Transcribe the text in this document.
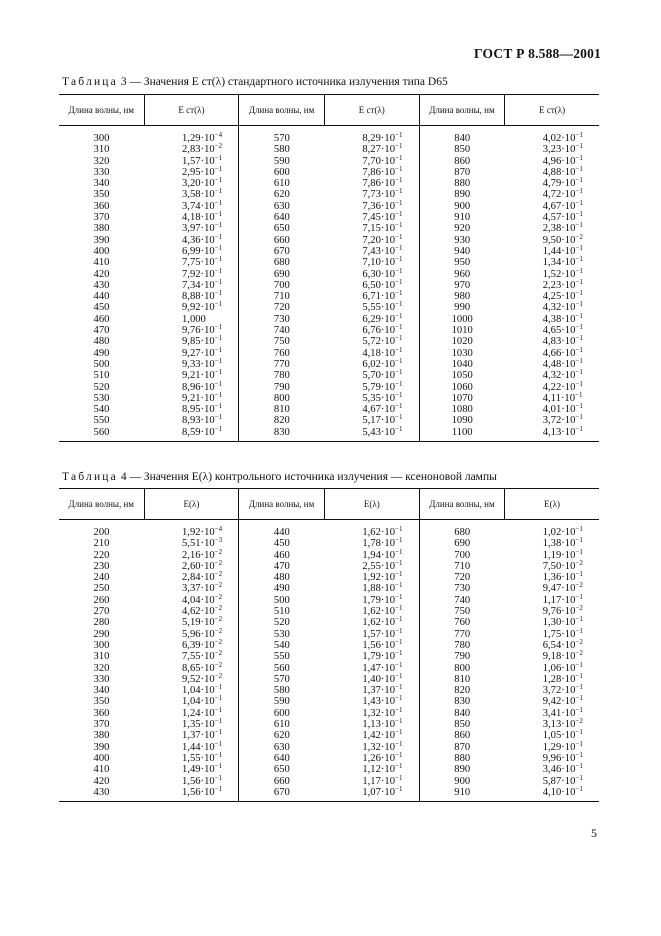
ГОСТ Р 8.588—2001
Таблица 3 — Значения E ст(λ) стандартного источника излучения типа D65
Длина волны, нм	E ст(λ)	Длина волны, нм	E ст(λ)	Длина волны, нм	E ст(λ)
300	$1,29\cdot 10^{-4}$	570	$8,29\cdot 10^{-1}$	840	$4,02\cdot 10^{-1}$
310	$2,83\cdot 10^{-2}$	580	$8,27\cdot 10^{-1}$	850	$3,23\cdot 10^{-1}$
320	$1,57\cdot 10^{-1}$	590	$7,70\cdot 10^{-1}$	860	$4,96\cdot 10^{-1}$
330	$2,95\cdot 10^{-1}$	600	$7,86\cdot 10^{-1}$	870	$4,88\cdot 10^{-1}$
340	$3,20\cdot 10^{-1}$	610	$7,86\cdot 10^{-1}$	880	$4,79\cdot 10^{-1}$
350	$3,58\cdot 10^{-1}$	620	$7,73\cdot 10^{-1}$	890	$4,72\cdot 10^{-1}$
360	$3,74\cdot 10^{-1}$	630	$7,36\cdot 10^{-1}$	900	$4,67\cdot 10^{-1}$
370	$4,18\cdot 10^{-1}$	640	$7,45\cdot 10^{-1}$	910	$4,57\cdot 10^{-1}$
380	$3,97\cdot 10^{-1}$	650	$7,15\cdot 10^{-1}$	920	$2,38\cdot 10^{-1}$
390	$4,36\cdot 10^{-1}$	660	$7,20\cdot 10^{-1}$	930	$9,50\cdot 10^{-2}$
400	$6,99\cdot 10^{-1}$	670	$7,43\cdot 10^{-1}$	940	$1,44\cdot 10^{-1}$
410	$7,75\cdot 10^{-1}$	680	$7,10\cdot 10^{-1}$	950	$1,34\cdot 10^{-1}$
420	$7,92\cdot 10^{-1}$	690	$6,30\cdot 10^{-1}$	960	$1,52\cdot 10^{-1}$
430	$7,34\cdot 10^{-1}$	700	$6,50\cdot 10^{-1}$	970	$2,23\cdot 10^{-1}$
440	$8,88\cdot 10^{-1}$	710	$6,71\cdot 10^{-1}$	980	$4,25\cdot 10^{-1}$
450	$9,92\cdot 10^{-1}$	720	$5,55\cdot 10^{-1}$	990	$4,32\cdot 10^{-1}$
460	1,000	730	$6,29\cdot 10^{-1}$	1000	$4,38\cdot 10^{-1}$
470	$9,76\cdot 10^{-1}$	740	$6,76\cdot 10^{-1}$	1010	$4,65\cdot 10^{-1}$
480	$9,85\cdot 10^{-1}$	750	$5,72\cdot 10^{-1}$	1020	$4,83\cdot 10^{-1}$
490	$9,27\cdot 10^{-1}$	760	$4,18\cdot 10^{-1}$	1030	$4,66\cdot 10^{-1}$
500	$9,33\cdot 10^{-1}$	770	$6,02\cdot 10^{-1}$	1040	$4,48\cdot 10^{-1}$
510	$9,21\cdot 10^{-1}$	780	$5,70\cdot 10^{-1}$	1050	$4,32\cdot 10^{-1}$
520	$8,96\cdot 10^{-1}$	790	$5,79\cdot 10^{-1}$	1060	$4,22\cdot 10^{-1}$
530	$9,21\cdot 10^{-1}$	800	$5,35\cdot 10^{-1}$	1070	$4,11\cdot 10^{-1}$
540	$8,95\cdot 10^{-1}$	810	$4,67\cdot 10^{-1}$	1080	$4,01\cdot 10^{-1}$
550	$8,93\cdot 10^{-1}$	820	$5,17\cdot 10^{-1}$	1090	$3,72\cdot 10^{-1}$
560	$8,59\cdot 10^{-1}$	830	$5,43\cdot 10^{-1}$	1100	$4,13\cdot 10^{-1}$
Таблица 4 — Значения E(λ) контрольного источника излучения — ксеноновой лампы
Длина волны, нм	E(λ)	Длина волны, нм	E(λ)	Длина волны, нм	E(λ)
200	$1,92\cdot 10^{-4}$	440	$1,62\cdot 10^{-1}$	680	$1,02\cdot 10^{-1}$
210	$5,51\cdot 10^{-3}$	450	$1,78\cdot 10^{-1}$	690	$1,38\cdot 10^{-1}$
220	$2,16\cdot 10^{-2}$	460	$1,94\cdot 10^{-1}$	700	$1,19\cdot 10^{-1}$
230	$2,60\cdot 10^{-2}$	470	$2,55\cdot 10^{-1}$	710	$7,50\cdot 10^{-2}$
240	$2,84\cdot 10^{-2}$	480	$1,92\cdot 10^{-1}$	720	$1,36\cdot 10^{-1}$
250	$3,37\cdot 10^{-2}$	490	$1,88\cdot 10^{-1}$	730	$9,47\cdot 10^{-2}$
260	$4,04\cdot 10^{-2}$	500	$1,79\cdot 10^{-1}$	740	$1,17\cdot 10^{-1}$
270	$4,62\cdot 10^{-2}$	510	$1,62\cdot 10^{-1}$	750	$9,76\cdot 10^{-2}$
280	$5,19\cdot 10^{-2}$	520	$1,62\cdot 10^{-1}$	760	$1,30\cdot 10^{-1}$
290	$5,96\cdot 10^{-2}$	530	$1,57\cdot 10^{-1}$	770	$1,75\cdot 10^{-1}$
300	$6,39\cdot 10^{-2}$	540	$1,56\cdot 10^{-1}$	780	$6,54\cdot 10^{-2}$
310	$7,55\cdot 10^{-2}$	550	$1,79\cdot 10^{-1}$	790	$9,18\cdot 10^{-2}$
320	$8,65\cdot 10^{-2}$	560	$1,47\cdot 10^{-1}$	800	$1,06\cdot 10^{-1}$
330	$9,52\cdot 10^{-2}$	570	$1,40\cdot 10^{-1}$	810	$1,28\cdot 10^{-1}$
340	$1,04\cdot 10^{-1}$	580	$1,37\cdot 10^{-1}$	820	$3,72\cdot 10^{-1}$
350	$1,04\cdot 10^{-1}$	590	$1,43\cdot 10^{-1}$	830	$9,42\cdot 10^{-1}$
360	$1,24\cdot 10^{-1}$	600	$1,32\cdot 10^{-1}$	840	$3,41\cdot 10^{-1}$
370	$1,35\cdot 10^{-1}$	610	$1,13\cdot 10^{-1}$	850	$3,13\cdot 10^{-2}$
380	$1,37\cdot 10^{-1}$	620	$1,42\cdot 10^{-1}$	860	$1,05\cdot 10^{-1}$
390	$1,44\cdot 10^{-1}$	630	$1,32\cdot 10^{-1}$	870	$1,29\cdot 10^{-1}$
400	$1,55\cdot 10^{-1}$	640	$1,26\cdot 10^{-1}$	880	$9,96\cdot 10^{-1}$
410	$1,49\cdot 10^{-1}$	650	$1,12\cdot 10^{-1}$	890	$3,46\cdot 10^{-1}$
420	$1,56\cdot 10^{-1}$	660	$1,17\cdot 10^{-1}$	900	$5,87\cdot 10^{-1}$
430	$1,56\cdot 10^{-1}$	670	$1,07\cdot 10^{-1}$	910	$4,10\cdot 10^{-1}$
5
